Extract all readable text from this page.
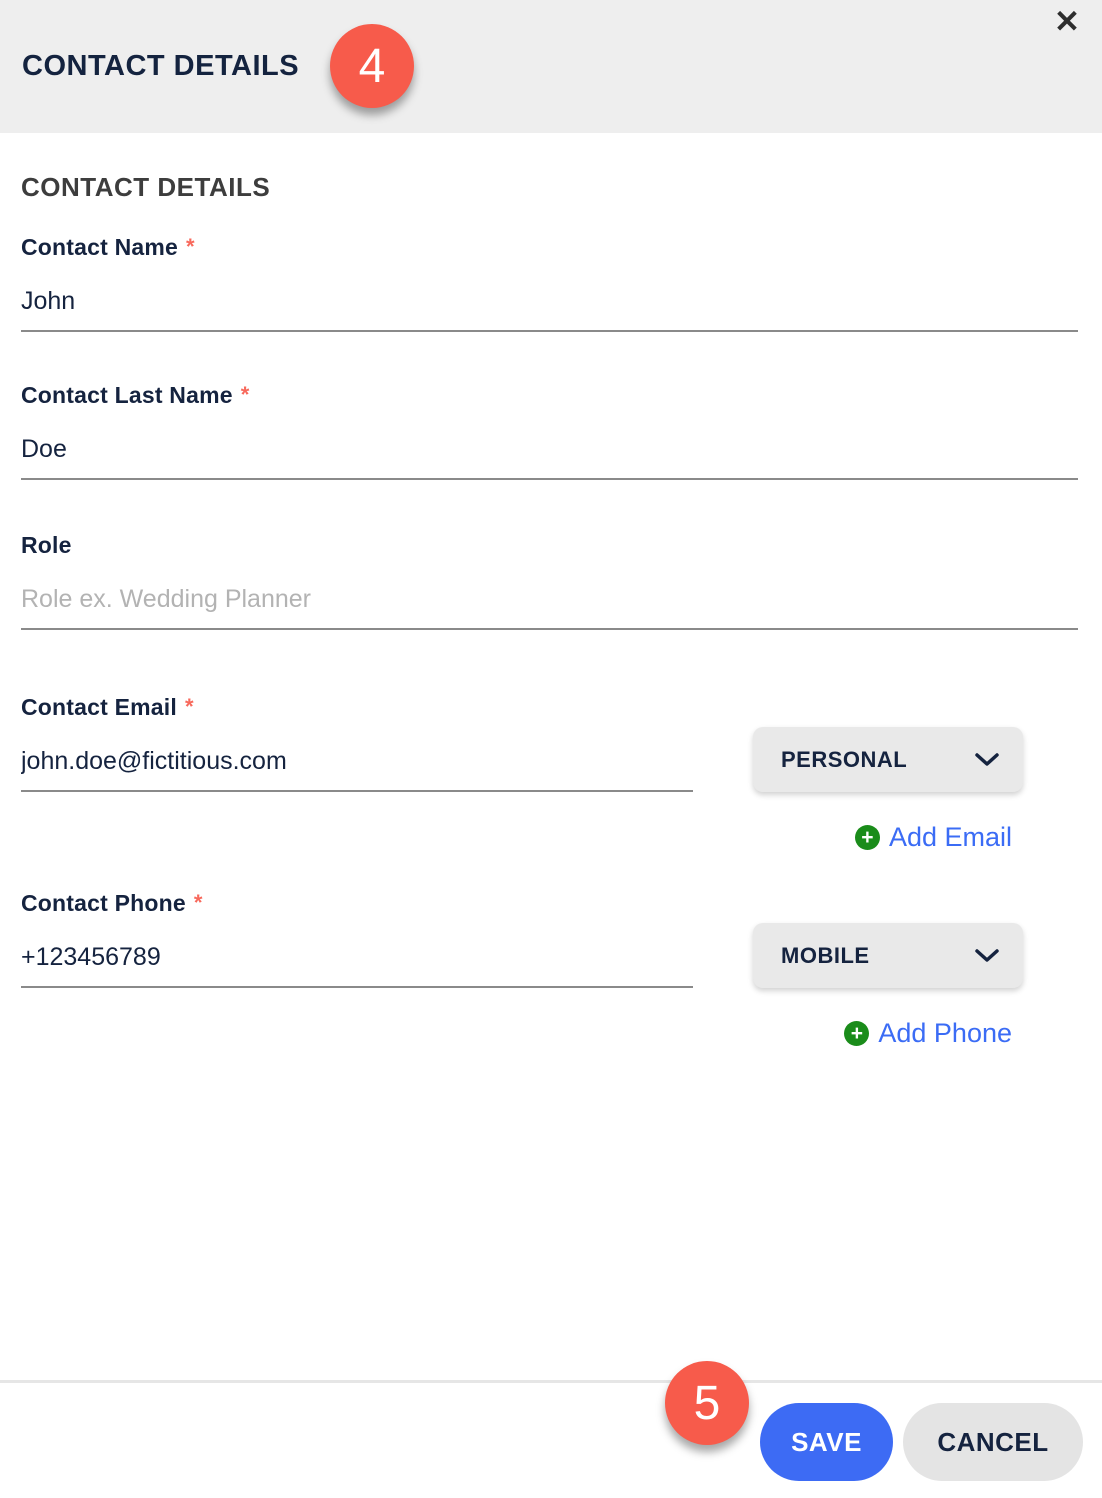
CONTACT DETAILS	4
✕
CONTACT DETAILS
Contact Name *
John
Contact Last Name *
Doe
Role
Role ex. Wedding Planner
Contact Email *
john.doe@fictitious.com
PERSONAL
+ Add Email
Contact Phone *
+123456789
MOBILE
+ Add Phone
5
SAVE	CANCEL
